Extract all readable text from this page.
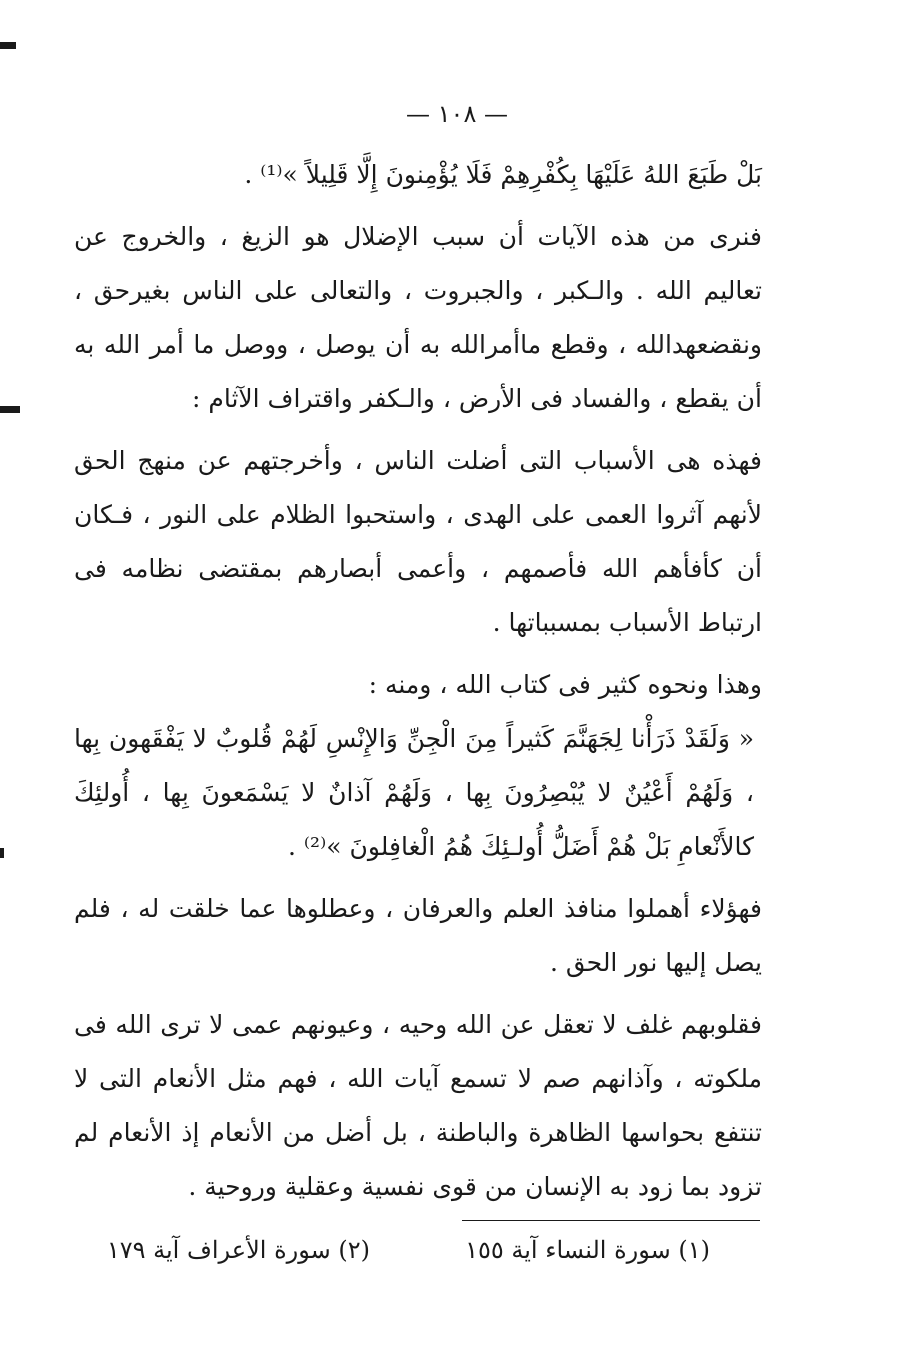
— ١٠٨ —

بَلْ طَبَعَ اللهُ عَلَيْهَا بِكُفْرِهِمْ فَلَا يُؤْمِنونَ إِلَّا قَلِيلاً »⁽¹⁾ .

فنرى من هذه الآيات أن سبب الإضلال هو الزيغ ، والخروج عن تعاليم الله . والـكبر ، والجبروت ، والتعالى على الناس بغيرحق ، ونقضعهدالله ، وقطع ماأمرالله به أن يوصل ، ووصل ما أمر الله به أن يقطع ، والفساد فى الأرض ، والـكفر واقتراف الآثام :

فهذه هى الأسباب التى أضلت الناس ، وأخرجتهم عن منهج الحق لأنهم آثروا العمى على الهدى ، واستحبوا الظلام على النور ، فـكان أن كأفأهم الله فأصمهم ، وأعمى أبصارهم بمقتضى نظامه فى ارتباط الأسباب بمسبباتها .

وهذا ونحوه كثير فى كتاب الله ، ومنه :

« وَلَقَدْ ذَرَأْنا لِجَهَنَّمَ كَثيراً مِنَ الْجِنِّ وَالإِنْسِ لَهُمْ قُلوبٌ لا يَفْقَهون بِها ، وَلَهُمْ أَعْيُنٌ لا يُبْصِرُونَ بِها ، وَلَهُمْ آذانٌ لا يَسْمَعونَ بِها ، أُولئِكَ كالأَنْعامِ بَلْ هُمْ أَضَلُّ أُولـئِكَ هُمُ الْغافِلونَ »⁽²⁾ .

فهؤلاء أهملوا منافذ العلم والعرفان ، وعطلوها عما خلقت له ، فلم يصل إليها نور الحق .

فقلوبهم غلف لا تعقل عن الله وحيه ، وعيونهم عمى لا ترى الله فى ملكوته ، وآذانهم صم لا تسمع آيات الله ، فهم مثل الأنعام التى لا تنتفع بحواسها الظاهرة والباطنة ، بل أضل من الأنعام إذ الأنعام لم تزود بما زود به الإنسان من قوى نفسية وعقلية وروحية .

(١) سورة النساء آية ١٥٥
(٢) سورة الأعراف آية ١٧٩
